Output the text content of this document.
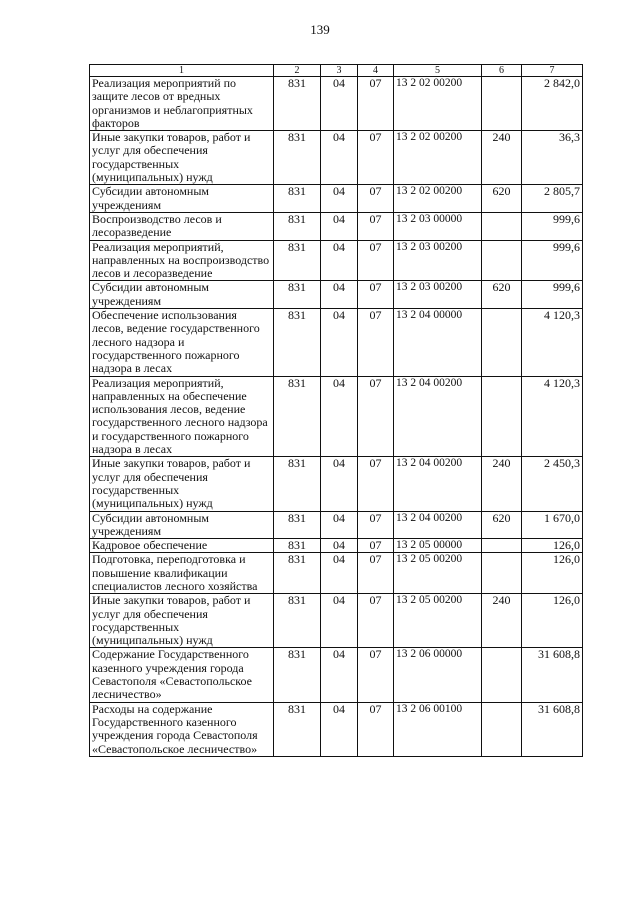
139
1	2	3	4	5	6	7
Реализация мероприятий по защите лесов от вредных организмов и неблагоприятных факторов	831	04	07	13 2 02 00200		2 842,0
Иные закупки товаров, работ и услуг для обеспечения государственных (муниципальных) нужд	831	04	07	13 2 02 00200	240	36,3
Субсидии автономным учреждениям	831	04	07	13 2 02 00200	620	2 805,7
Воспроизводство лесов и лесоразведение	831	04	07	13 2 03 00000		999,6
Реализация мероприятий, направленных на воспроизводство лесов и лесоразведение	831	04	07	13 2 03 00200		999,6
Субсидии автономным учреждениям	831	04	07	13 2 03 00200	620	999,6
Обеспечение использования лесов, ведение государственного лесного надзора и государственного пожарного надзора в лесах	831	04	07	13 2 04 00000		4 120,3
Реализация мероприятий, направленных на обеспечение использования лесов, ведение государственного лесного надзора и государственного пожарного надзора в лесах	831	04	07	13 2 04 00200		4 120,3
Иные закупки товаров, работ и услуг для обеспечения государственных (муниципальных) нужд	831	04	07	13 2 04 00200	240	2 450,3
Субсидии автономным учреждениям	831	04	07	13 2 04 00200	620	1 670,0
Кадровое обеспечение	831	04	07	13 2 05 00000		126,0
Подготовка, переподготовка и повышение квалификации специалистов лесного хозяйства	831	04	07	13 2 05 00200		126,0
Иные закупки товаров, работ и услуг для обеспечения государственных (муниципальных) нужд	831	04	07	13 2 05 00200	240	126,0
Содержание Государственного казенного учреждения города Севастополя «Севастопольское лесничество»	831	04	07	13 2 06 00000		31 608,8
Расходы на содержание Государственного казенного учреждения города Севастополя «Севастопольское лесничество»	831	04	07	13 2 06 00100		31 608,8
